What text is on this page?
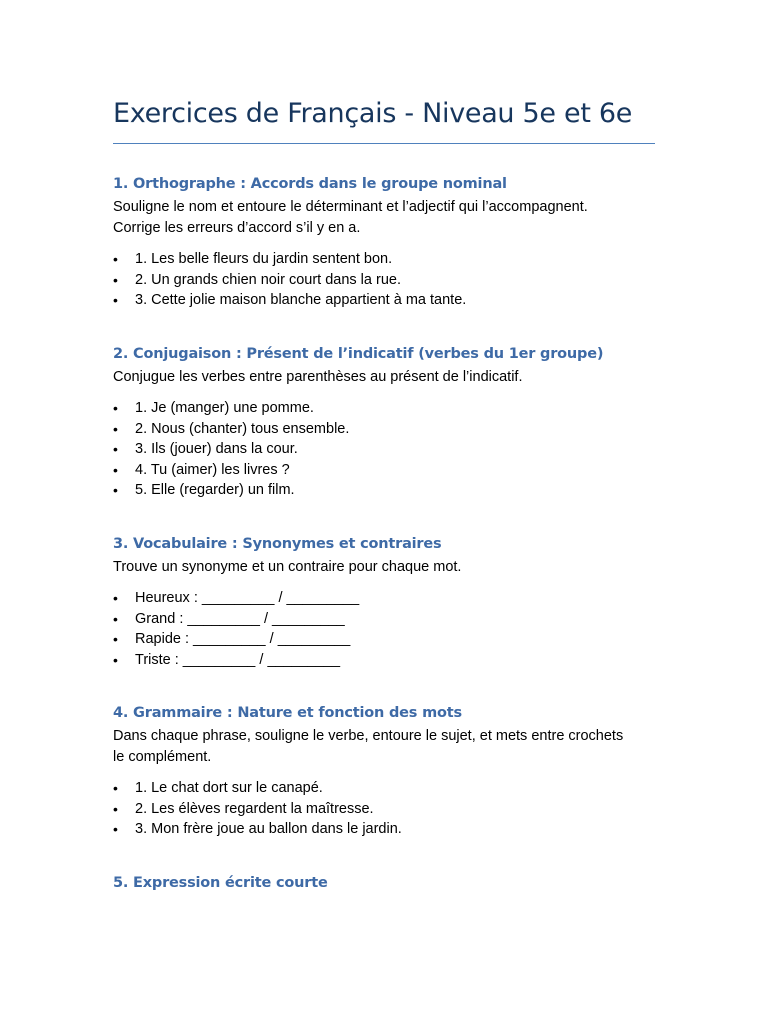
Exercices de Français - Niveau 5e et 6e
1. Orthographe : Accords dans le groupe nominal

Souligne le nom et entoure le déterminant et l’adjectif qui l’accompagnent. Corrige les erreurs d’accord s’il y en a.

• 1. Les belle fleurs du jardin sentent bon.
• 2. Un grands chien noir court dans la rue.
• 3. Cette jolie maison blanche appartient à ma tante.
2. Conjugaison : Présent de l’indicatif (verbes du 1er groupe)

Conjugue les verbes entre parenthèses au présent de l’indicatif.

• 1. Je (manger) une pomme.
• 2. Nous (chanter) tous ensemble.
• 3. Ils (jouer) dans la cour.
• 4. Tu (aimer) les livres ?
• 5. Elle (regarder) un film.
3. Vocabulaire : Synonymes et contraires

Trouve un synonyme et un contraire pour chaque mot.

• Heureux : _________ / _________
• Grand : _________ / _________
• Rapide : _________ / _________
• Triste : _________ / _________
4. Grammaire : Nature et fonction des mots

Dans chaque phrase, souligne le verbe, entoure le sujet, et mets entre crochets le complément.

• 1. Le chat dort sur le canapé.
• 2. Les élèves regardent la maîtresse.
• 3. Mon frère joue au ballon dans le jardin.
5. Expression écrite courte
